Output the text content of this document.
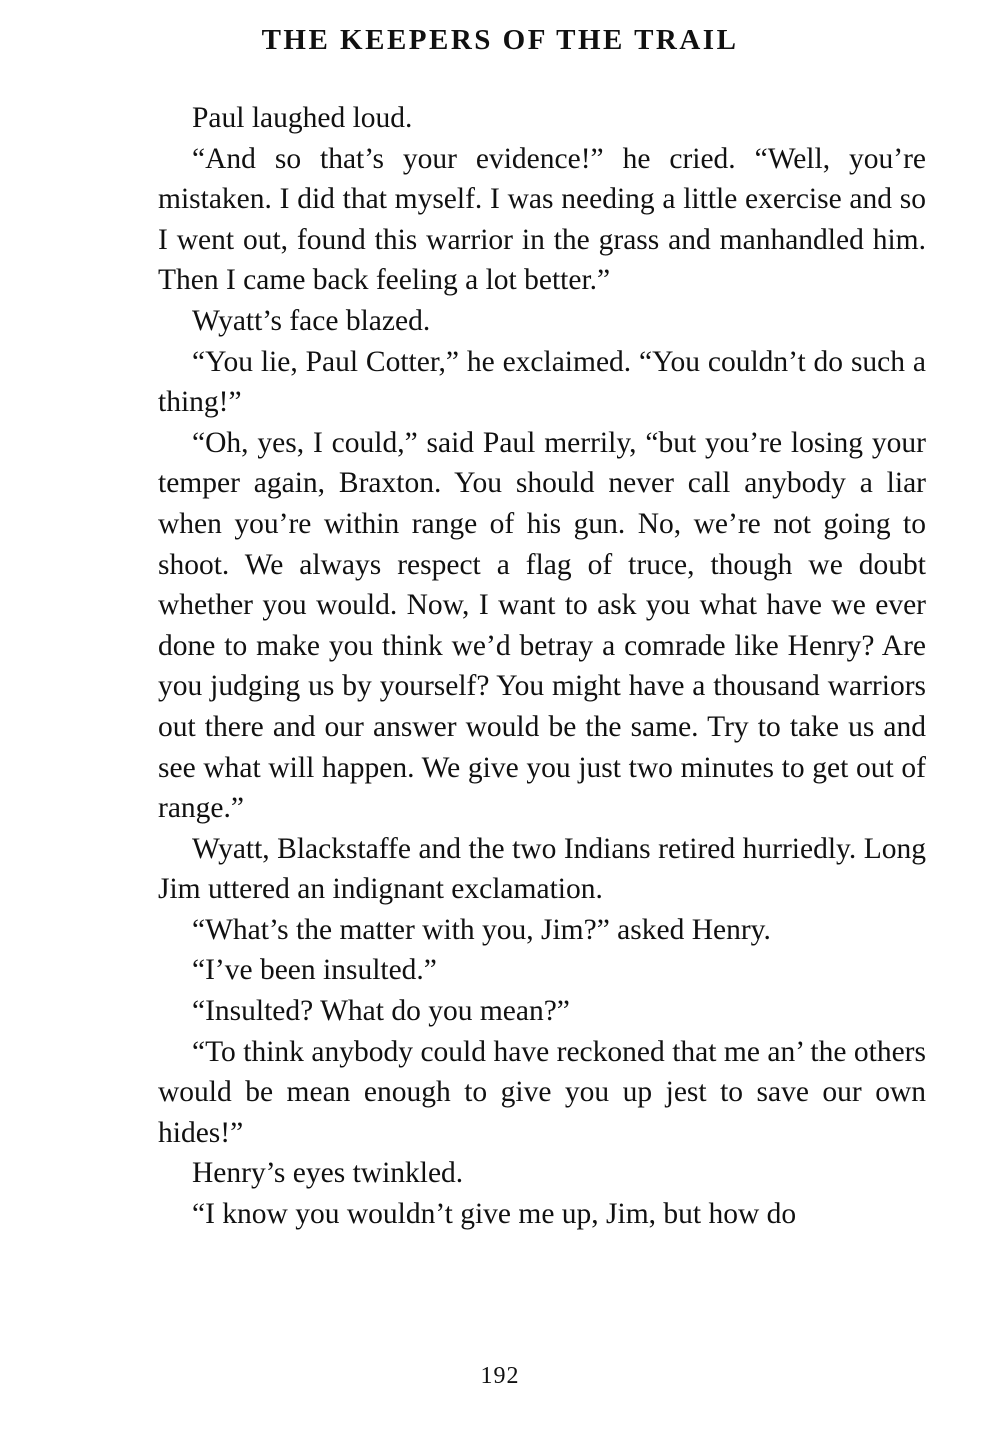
THE KEEPERS OF THE TRAIL

Paul laughed loud.

“And so that’s your evidence!” he cried. “Well, you’re mistaken. I did that myself. I was needing a little exercise and so I went out, found this warrior in the grass and manhandled him. Then I came back feeling a lot better.”

Wyatt’s face blazed.

“You lie, Paul Cotter,” he exclaimed. “You couldn’t do such a thing!”

“Oh, yes, I could,” said Paul merrily, “but you’re losing your temper again, Braxton. You should never call anybody a liar when you’re within range of his gun. No, we’re not going to shoot. We always respect a flag of truce, though we doubt whether you would. Now, I want to ask you what have we ever done to make you think we’d betray a comrade like Henry? Are you judging us by yourself? You might have a thousand warriors out there and our answer would be the same. Try to take us and see what will happen. We give you just two minutes to get out of range.”

Wyatt, Blackstaffe and the two Indians retired hurriedly. Long Jim uttered an indignant exclamation.

“What’s the matter with you, Jim?” asked Henry.

“I’ve been insulted.”

“Insulted? What do you mean?”

“To think anybody could have reckoned that me an’ the others would be mean enough to give you up jest to save our own hides!”

Henry’s eyes twinkled.

“I know you wouldn’t give me up, Jim, but how do

192
